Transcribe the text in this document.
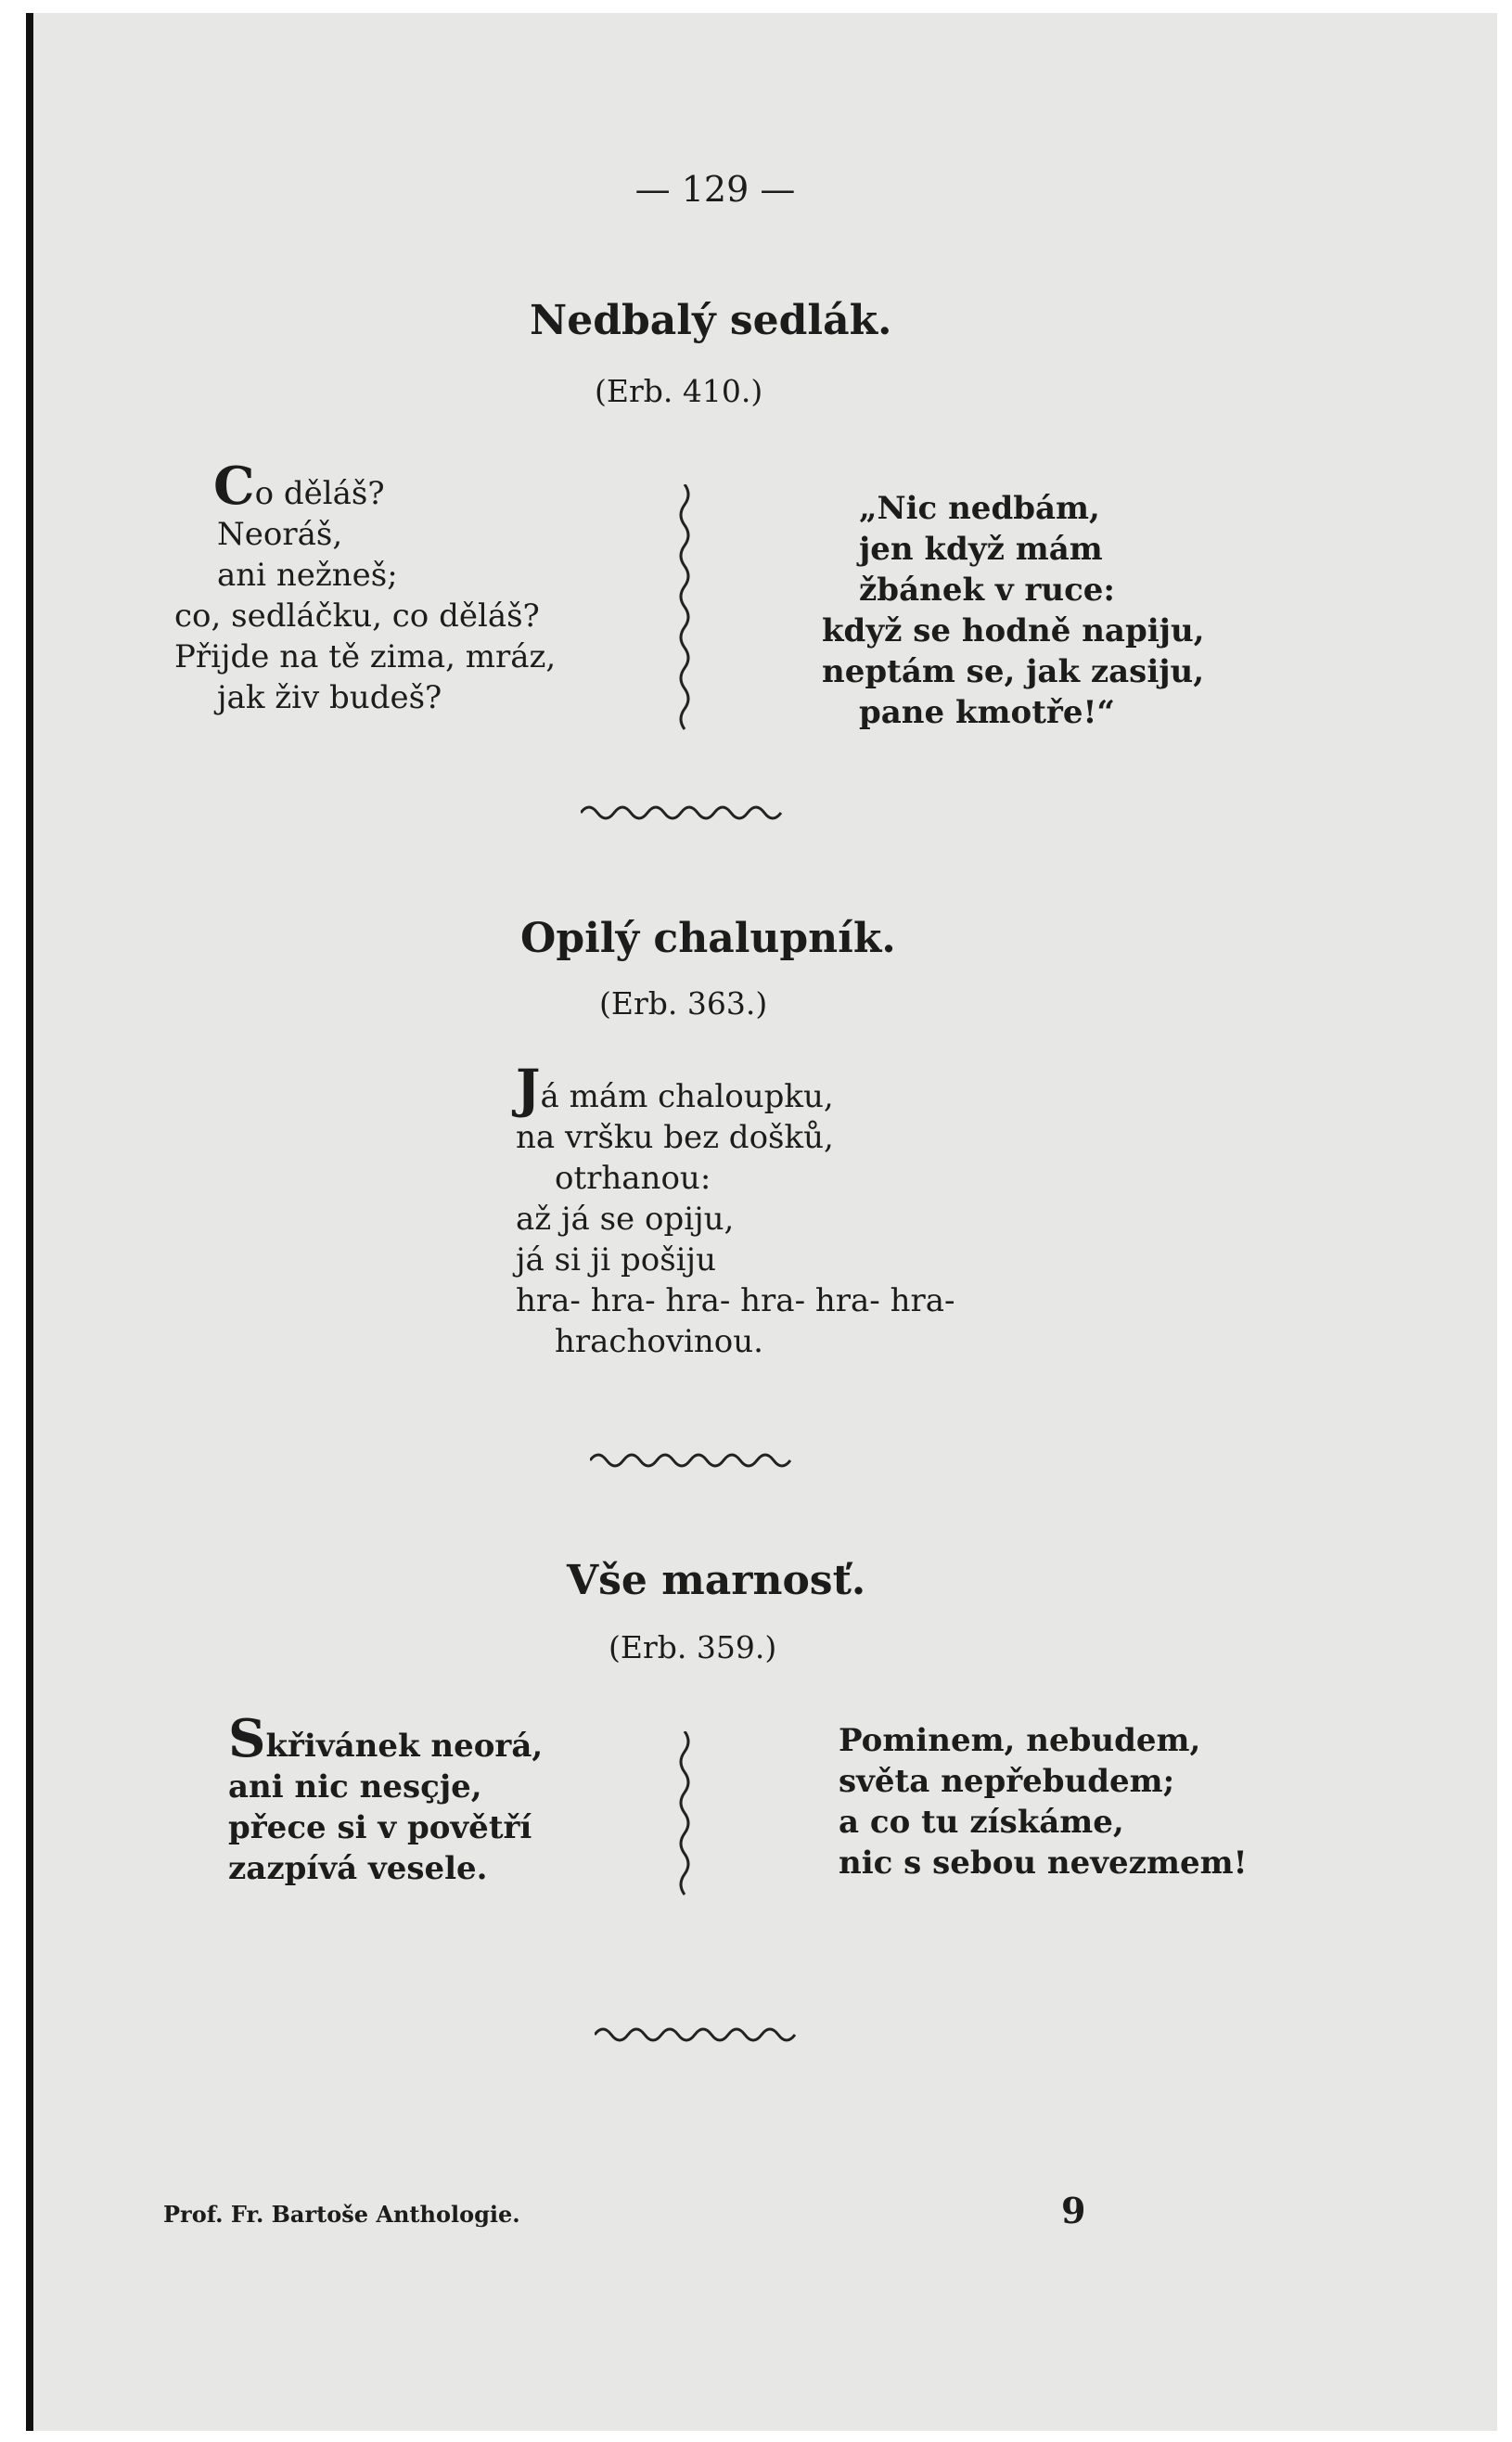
— 129 —
Nedbalý sedlák.
(Erb. 410.)
Co děláš?
Neoráš,
ani nežneš;
co, sedláčku, co děláš?
Přijde na tě zima, mráz,
jak živ budeš?
„Nic nedbám,
jen když mám
žbánek v ruce:
když se hodně napiju,
neptám se, jak zasiju,
pane kmotře!“
Opilý chalupník.
(Erb. 363.)
Já mám chaloupku,
na vršku bez došků,
otrhanou:
až já se opiju,
já si ji pošiju
hra- hra- hra- hra- hra- hra-
hrachovinou.
Vše marnosť.
(Erb. 359.)
Skřivánek neorá,
ani nic nesçje,
přece si v povětří
zazpívá vesele.
Pominem, nebudem,
světa nepřebudem;
a co tu získáme,
nic s sebou nevezmem!
Prof. Fr. Bartoše Anthologie.	9
